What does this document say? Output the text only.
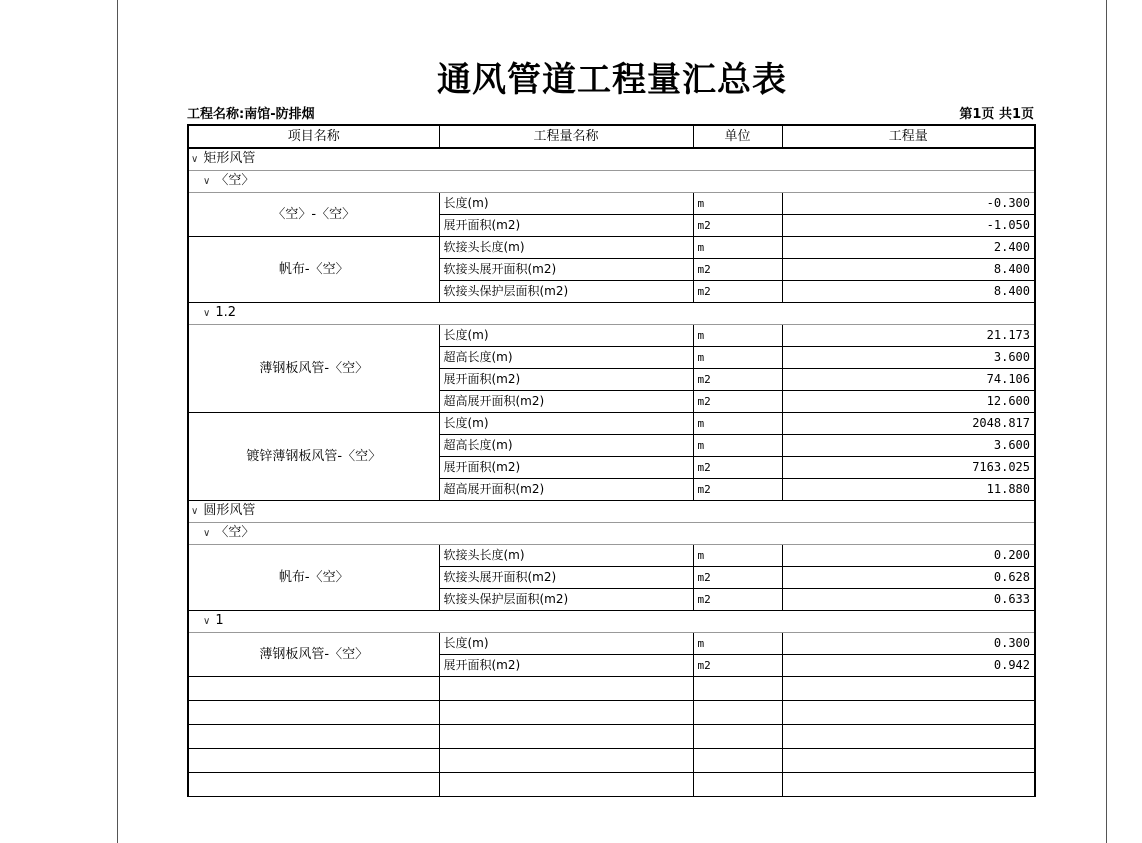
通风管道工程量汇总表
工程名称:南馆-防排烟	第1页 共1页
项目名称	工程量名称	单位	工程量
∨ 矩形风管			
∨ 〈空〉			
〈空〉-〈空〉	长度(m)	m	-0.300
	展开面积(m2)	m2	-1.050
帆布-〈空〉	软接头长度(m)	m	2.400
	软接头展开面积(m2)	m2	8.400
	软接头保护层面积(m2)	m2	8.400
∨ 1.2			
薄钢板风管-〈空〉	长度(m)	m	21.173
	超高长度(m)	m	3.600
	展开面积(m2)	m2	74.106
	超高展开面积(m2)	m2	12.600
镀锌薄钢板风管-〈空〉	长度(m)	m	2048.817
	超高长度(m)	m	3.600
	展开面积(m2)	m2	7163.025
	超高展开面积(m2)	m2	11.880
∨ 圆形风管			
∨ 〈空〉			
帆布-〈空〉	软接头长度(m)	m	0.200
	软接头展开面积(m2)	m2	0.628
	软接头保护层面积(m2)	m2	0.633
∨ 1			
薄钢板风管-〈空〉	长度(m)	m	0.300
	展开面积(m2)	m2	0.942
